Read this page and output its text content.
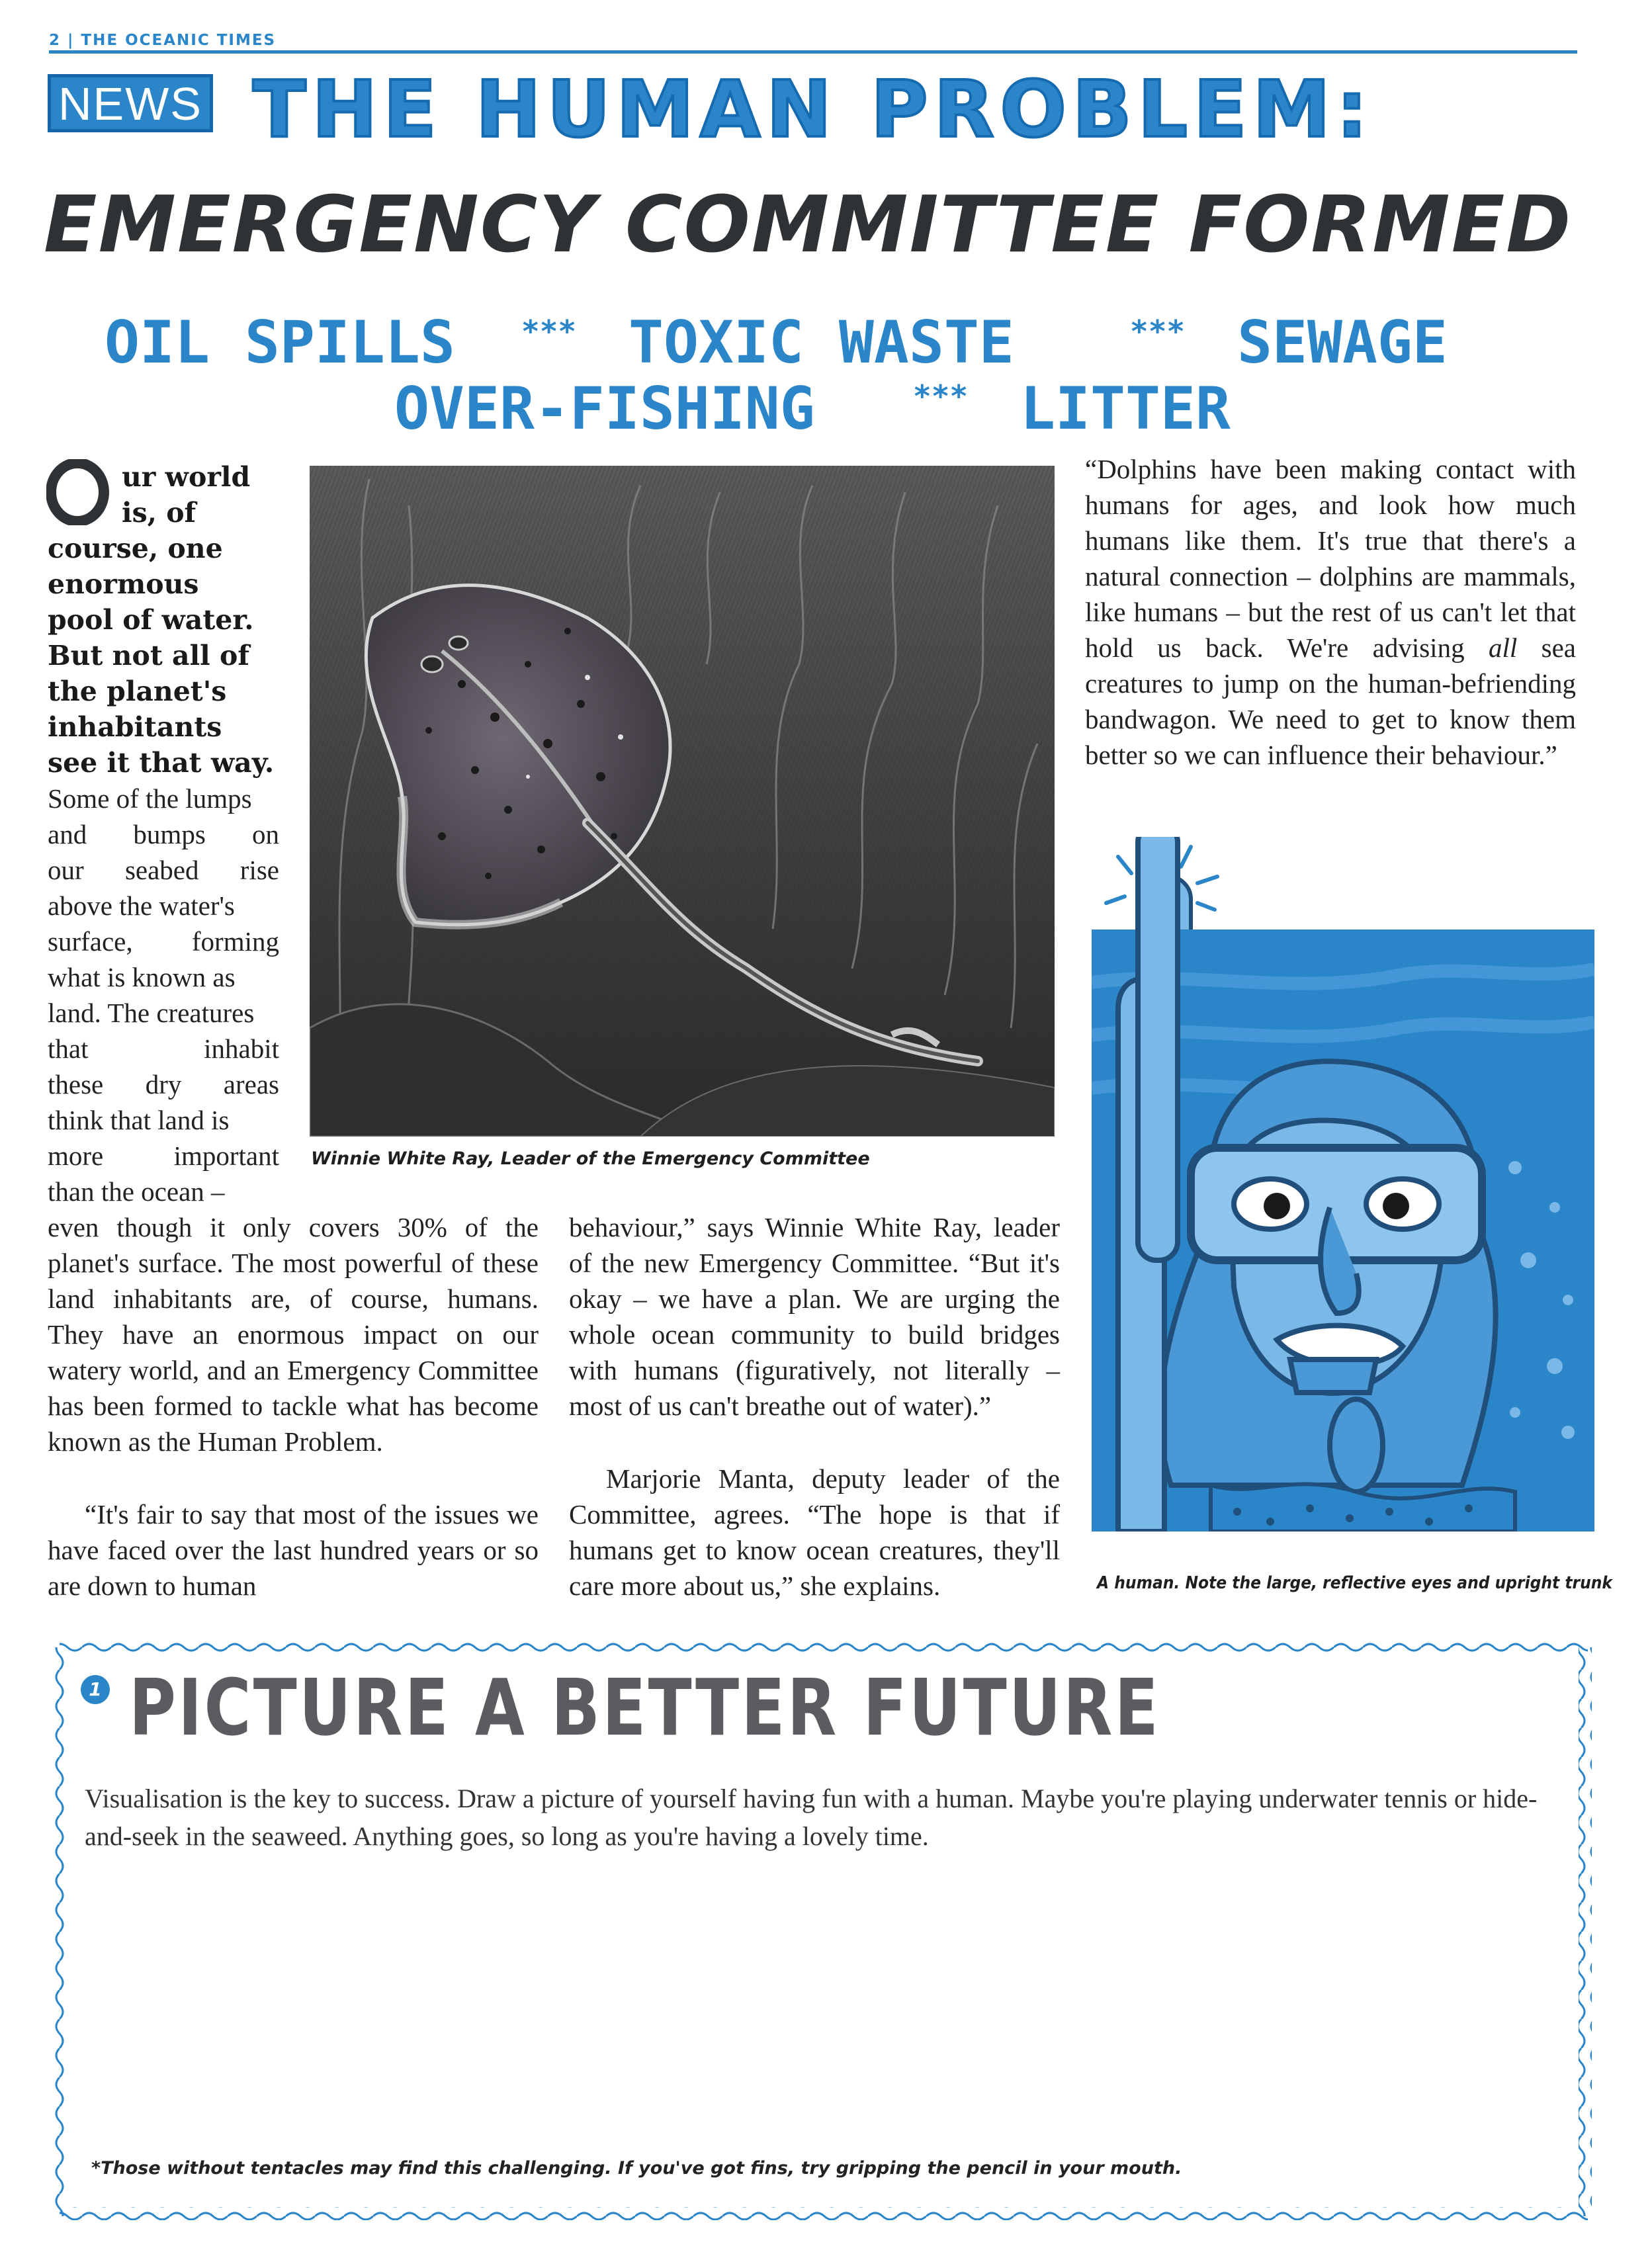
2 | THE OCEANIC TIMES
NEWS THE HUMAN PROBLEM:
EMERGENCY COMMITTEE FORMED
OIL SPILLS *** TOXIC WASTE	*** SEWAGE
OVER-FISHING	*** LITTER
ur world
is, of
course, one
enormous
pool of water.
But not all of
the planet's
inhabitants
see it that way.
Some of the lumps
and bumps on
our seabed rise
above the water's
surface, forming
what is known as
land. The creatures
that inhabit
these dry areas
think that land is
more important
than the ocean –
Winnie White Ray, Leader of the Emergency Committee
even though it only covers 30% of the planet's surface. The most powerful of these land inhabitants are, of course, humans. They have an enormous impact on our watery world, and an Emergency Committee has been formed to tackle what has become known as the Human Problem.
“It's fair to say that most of the issues we have faced over the last hundred years or so are down to human
behaviour,” says Winnie White Ray, leader of the new Emergency Committee. “But it's okay – we have a plan. We are urging the whole ocean community to build bridges with humans (figuratively, not literally – most of us can't breathe out of water).”
Marjorie Manta, deputy leader of the Committee, agrees. “The hope is that if humans get to know ocean creatures, they'll care more about us,” she explains.
“Dolphins have been making contact with humans for ages, and look how much humans like them. It's true that there's a natural connection – dolphins are mammals, like humans – but the rest of us can't let that hold us back. We're advising all sea creatures to jump on the human-befriending bandwagon. We need to get to know them better so we can influence their behaviour.”
A human. Note the large, reflective eyes and upright trunk
1 PICTURE A BETTER FUTURE
Visualisation is the key to success. Draw a picture of yourself having fun with a human. Maybe you're playing underwater tennis or hide-and-seek in the seaweed. Anything goes, so long as you're having a lovely time.
*Those without tentacles may find this challenging. If you've got fins, try gripping the pencil in your mouth.
